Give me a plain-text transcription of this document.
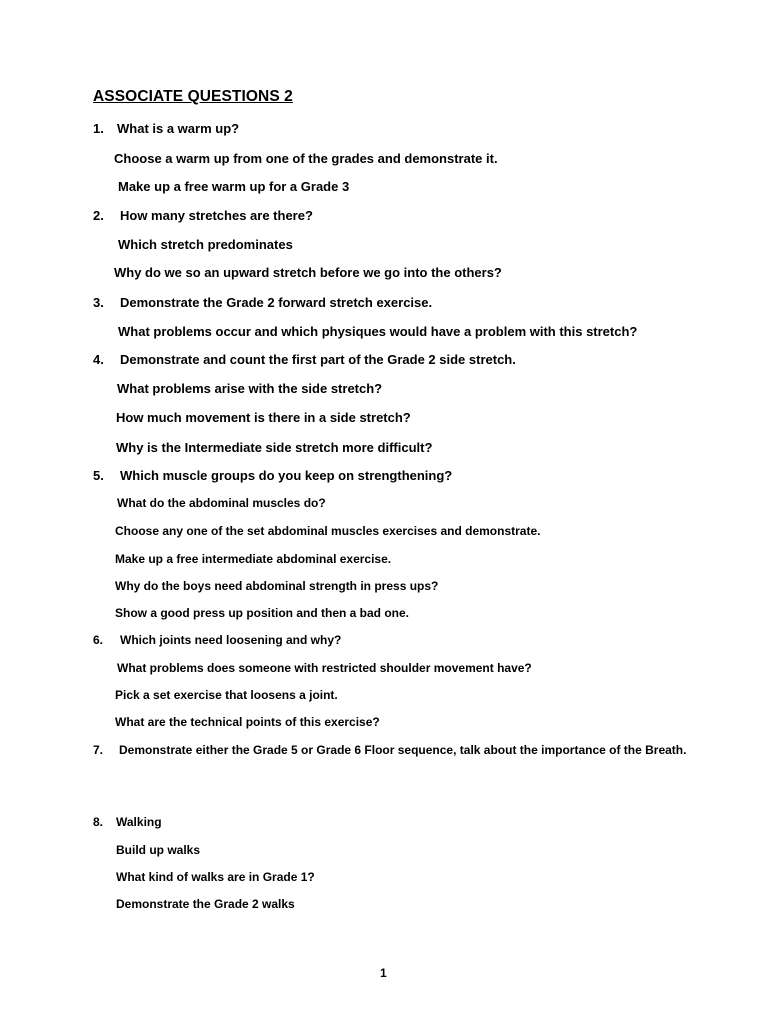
ASSOCIATE QUESTIONS 2
1. What is a warm up?
Choose a warm up from one of the grades and demonstrate it.
Make up a free warm up for a Grade 3
2. How many stretches are there?
Which stretch predominates
Why do we so an upward stretch before we go into the others?
3. Demonstrate the Grade 2 forward stretch exercise.
What problems occur and which physiques would have a problem with this stretch?
4. Demonstrate and count the first part of the Grade 2 side stretch.
What problems arise with the side stretch?
How much movement is there in a side stretch?
Why is the Intermediate side stretch more difficult?
5. Which muscle groups do you keep on strengthening?
What do the abdominal muscles do?
Choose any one of the set abdominal muscles exercises and demonstrate.
Make up a free intermediate abdominal exercise.
Why do the boys need abdominal strength in press ups?
Show a good press up position and then a bad one.
6. Which joints need loosening and why?
What problems does someone with restricted shoulder movement have?
Pick a set exercise that loosens a joint.
What are the technical points of this exercise?
7. Demonstrate either the Grade 5 or Grade 6 Floor sequence, talk about the importance of the Breath.
8. Walking
Build up walks
What kind of walks are in Grade 1?
Demonstrate the Grade 2 walks
1
